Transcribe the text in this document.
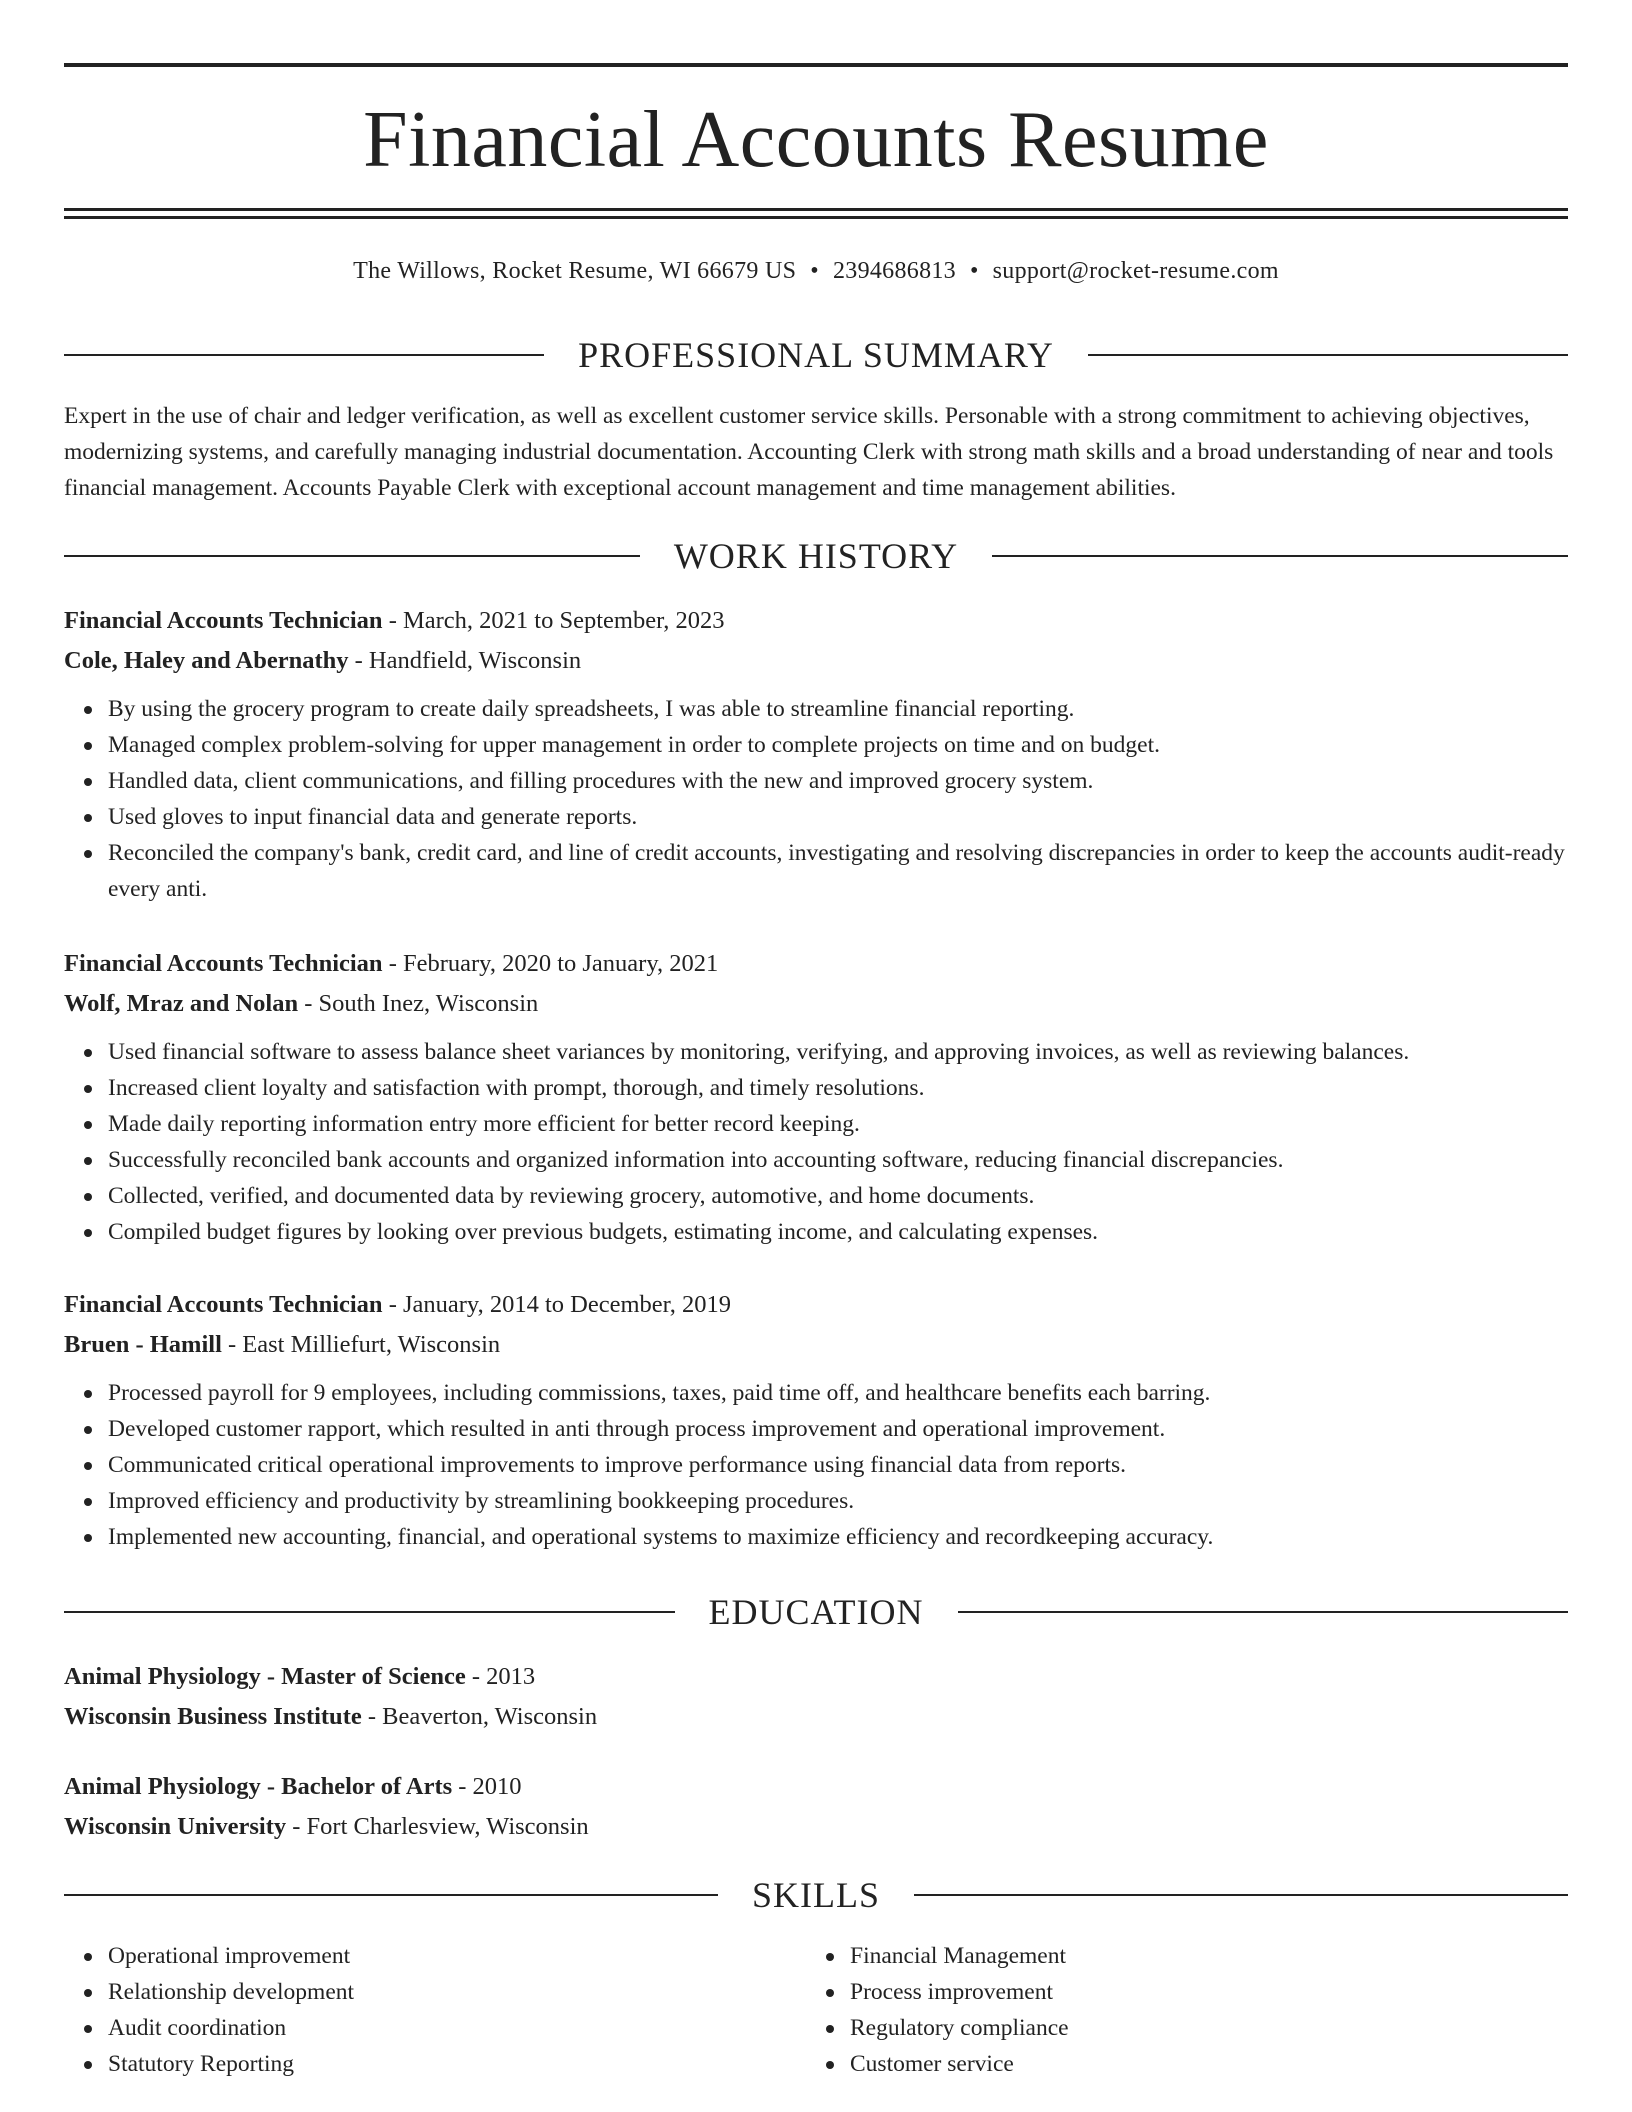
Financial Accounts Resume
The Willows, Rocket Resume, WI 66679 US • 2394686813 • support@rocket-resume.com
PROFESSIONAL SUMMARY

Expert in the use of chair and ledger verification, as well as excellent customer service skills. Personable with a strong commitment to achieving objectives, modernizing systems, and carefully managing industrial documentation. Accounting Clerk with strong math skills and a broad understanding of near and tools financial management. Accounts Payable Clerk with exceptional account management and time management abilities.

WORK HISTORY
Financial Accounts Technician - March, 2021 to September, 2023
Cole, Haley and Abernathy - Handfield, Wisconsin
By using the grocery program to create daily spreadsheets, I was able to streamline financial reporting.
Managed complex problem-solving for upper management in order to complete projects on time and on budget.
Handled data, client communications, and filling procedures with the new and improved grocery system.
Used gloves to input financial data and generate reports.
Reconciled the company's bank, credit card, and line of credit accounts, investigating and resolving discrepancies in order to keep the accounts audit-ready every anti.
Financial Accounts Technician - February, 2020 to January, 2021
Wolf, Mraz and Nolan - South Inez, Wisconsin
Used financial software to assess balance sheet variances by monitoring, verifying, and approving invoices, as well as reviewing balances.
Increased client loyalty and satisfaction with prompt, thorough, and timely resolutions.
Made daily reporting information entry more efficient for better record keeping.
Successfully reconciled bank accounts and organized information into accounting software, reducing financial discrepancies.
Collected, verified, and documented data by reviewing grocery, automotive, and home documents.
Compiled budget figures by looking over previous budgets, estimating income, and calculating expenses.
Financial Accounts Technician - January, 2014 to December, 2019
Bruen - Hamill - East Milliefurt, Wisconsin
Processed payroll for 9 employees, including commissions, taxes, paid time off, and healthcare benefits each barring.
Developed customer rapport, which resulted in anti through process improvement and operational improvement.
Communicated critical operational improvements to improve performance using financial data from reports.
Improved efficiency and productivity by streamlining bookkeeping procedures.
Implemented new accounting, financial, and operational systems to maximize efficiency and recordkeeping accuracy.
EDUCATION
Animal Physiology - Master of Science - 2013
Wisconsin Business Institute - Beaverton, Wisconsin
Animal Physiology - Bachelor of Arts - 2010
Wisconsin University - Fort Charlesview, Wisconsin
SKILLS
Operational improvement
Relationship development
Audit coordination
Statutory Reporting
Financial Management
Process improvement
Regulatory compliance
Customer service
